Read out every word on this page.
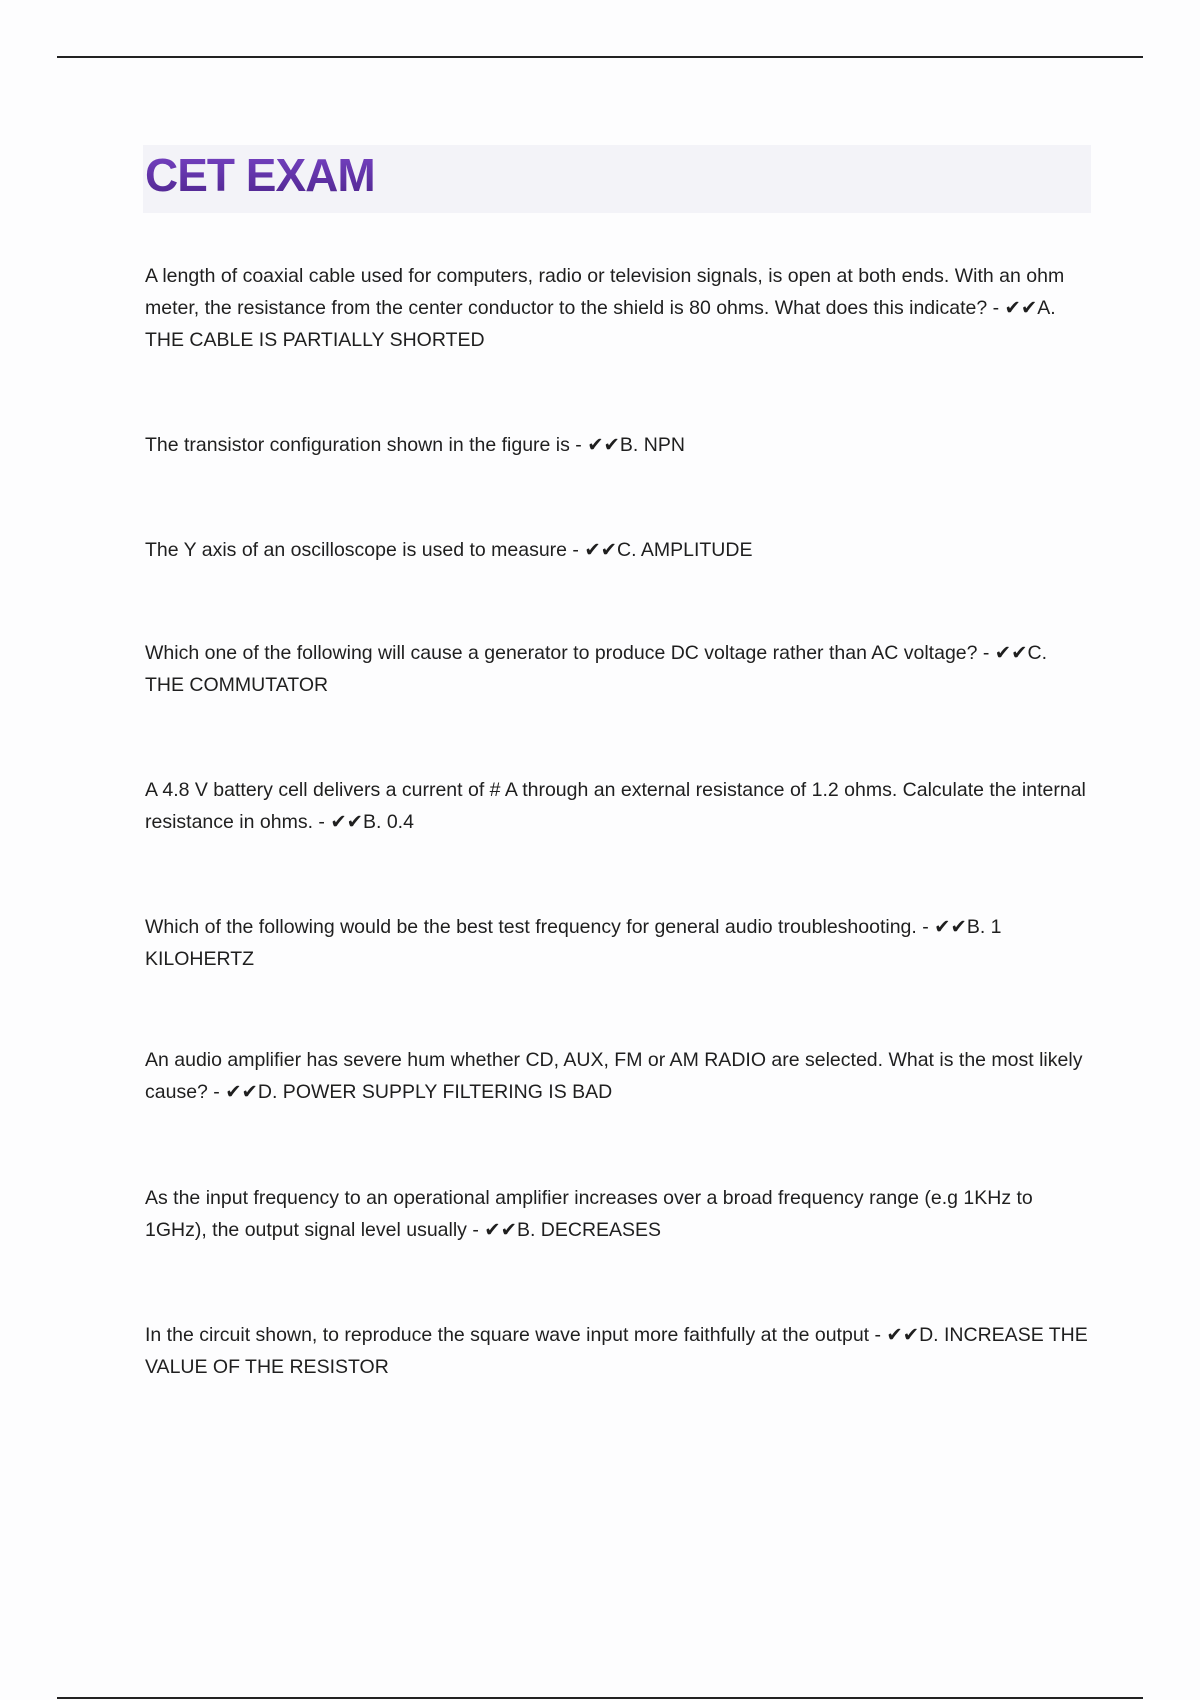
CET EXAM

A length of coaxial cable used for computers, radio or television signals, is open at both ends. With an ohm meter, the resistance from the center conductor to the shield is 80 ohms. What does this indicate? - ✔✔A. THE CABLE IS PARTIALLY SHORTED

The transistor configuration shown in the figure is - ✔✔B. NPN

The Y axis of an oscilloscope is used to measure - ✔✔C. AMPLITUDE

Which one of the following will cause a generator to produce DC voltage rather than AC voltage? - ✔✔C. THE COMMUTATOR

A 4.8 V battery cell delivers a current of # A through an external resistance of 1.2 ohms. Calculate the internal resistance in ohms. - ✔✔B. 0.4

Which of the following would be the best test frequency for general audio troubleshooting. - ✔✔B. 1 KILOHERTZ

An audio amplifier has severe hum whether CD, AUX, FM or AM RADIO are selected. What is the most likely cause? - ✔✔D. POWER SUPPLY FILTERING IS BAD

As the input frequency to an operational amplifier increases over a broad frequency range (e.g 1KHz to 1GHz), the output signal level usually - ✔✔B. DECREASES

In the circuit shown, to reproduce the square wave input more faithfully at the output - ✔✔D. INCREASE THE VALUE OF THE RESISTOR
